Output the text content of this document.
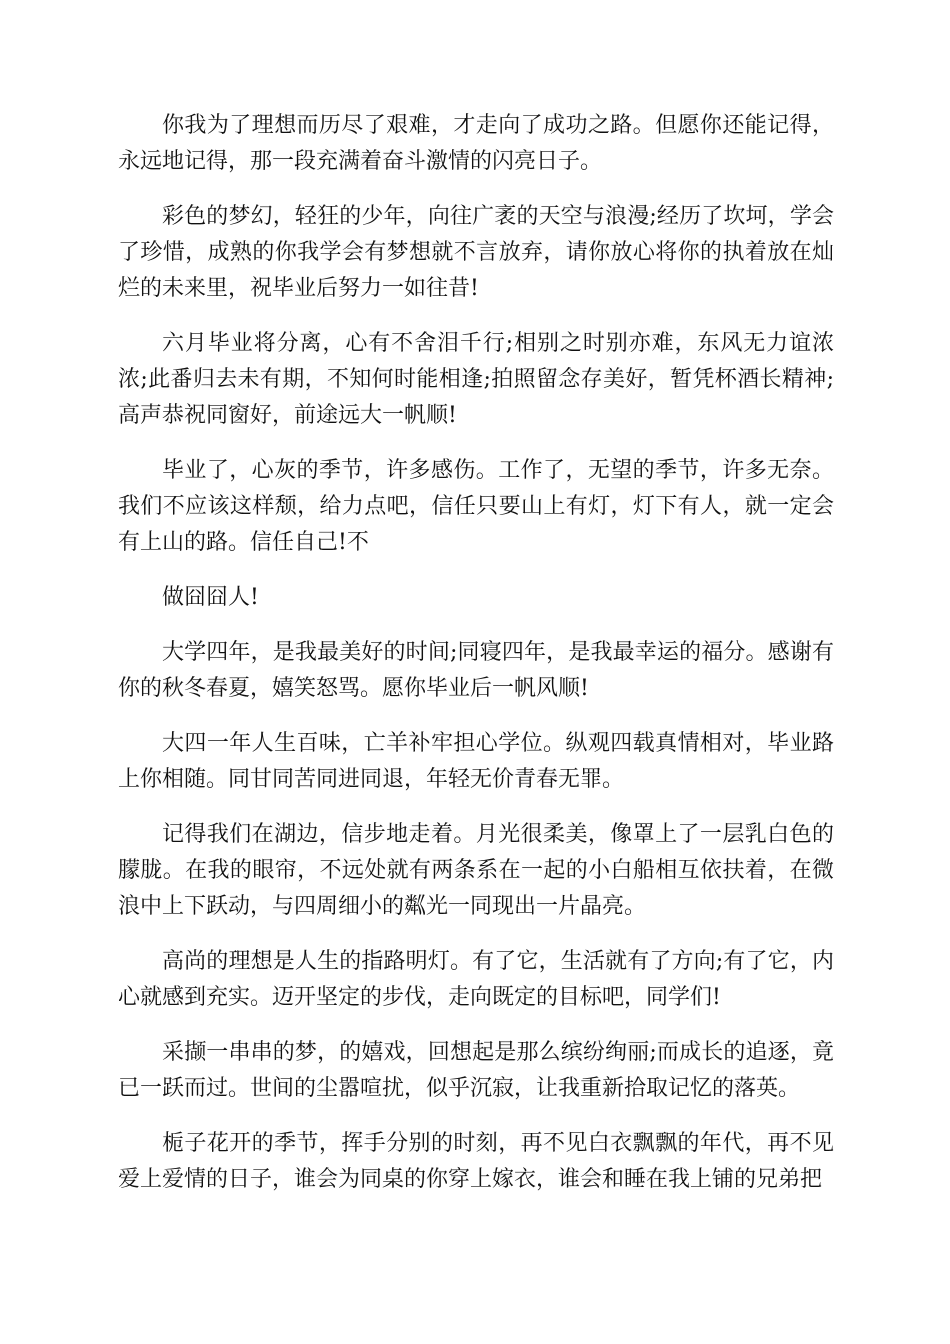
你我为了理想而历尽了艰难，才走向了成功之路。但愿你还能记得，永远地记得，那一段充满着奋斗激情的闪亮日子。

彩色的梦幻，轻狂的少年，向往广袤的天空与浪漫;经历了坎坷，学会了珍惜，成熟的你我学会有梦想就不言放弃，请你放心将你的执着放在灿烂的未来里，祝毕业后努力一如往昔!

六月毕业将分离，心有不舍泪千行;相别之时别亦难，东风无力谊浓浓;此番归去未有期，不知何时能相逢;拍照留念存美好，暂凭杯酒长精神;高声恭祝同窗好，前途远大一帆顺!

毕业了，心灰的季节，许多感伤。工作了，无望的季节，许多无奈。我们不应该这样颓，给力点吧，信任只要山上有灯，灯下有人，就一定会有上山的路。信任自己!不

做囧囧人!

大学四年，是我最美好的时间;同寝四年，是我最幸运的福分。感谢有你的秋冬春夏，嬉笑怒骂。愿你毕业后一帆风顺!

大四一年人生百味，亡羊补牢担心学位。纵观四载真情相对，毕业路上你相随。同甘同苦同进同退，年轻无价青春无罪。

记得我们在湖边，信步地走着。月光很柔美，像罩上了一层乳白色的朦胧。在我的眼帘，不远处就有两条系在一起的小白船相互依扶着，在微浪中上下跃动，与四周细小的粼光一同现出一片晶亮。

高尚的理想是人生的指路明灯。有了它，生活就有了方向;有了它，内心就感到充实。迈开坚定的步伐，走向既定的目标吧，同学们!

采撷一串串的梦，的嬉戏，回想起是那么缤纷绚丽;而成长的追逐，竟已一跃而过。世间的尘嚣喧扰，似乎沉寂，让我重新拾取记忆的落英。

栀子花开的季节，挥手分别的时刻，再不见白衣飘飘的年代，再不见爱上爱情的日子，谁会为同桌的你穿上嫁衣，谁会和睡在我上铺的兄弟把
